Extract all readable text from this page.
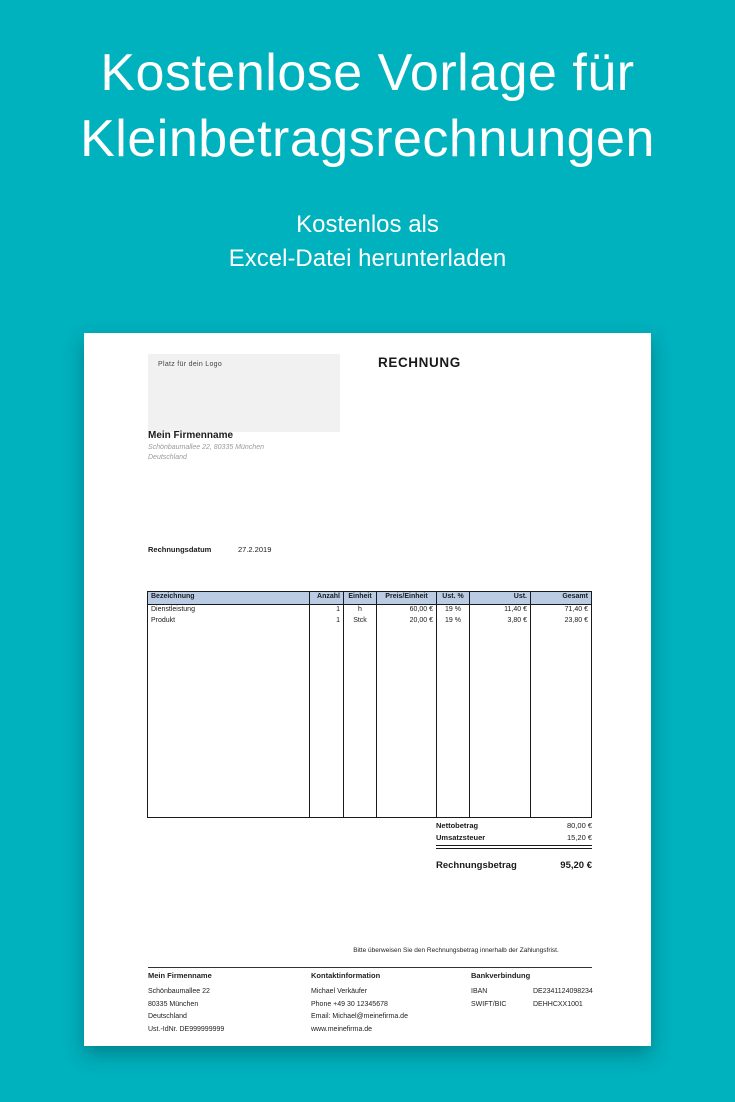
Kostenlose Vorlage für
Kleinbetragsrechnungen
Kostenlos als
Excel-Datei herunterladen
Platz für dein Logo	RECHNUNG
Mein Firmenname
Schönbaumallee 22, 80335 München
Deutschland
Rechnungsdatum	27.2.2019
Bezeichnung	Anzahl	Einheit	Preis/Einheit	Ust. %	Ust.	Gesamt
Dienstleistung	1	h	60,00 €	19 %	11,40 €	71,40 €
Produkt	1	Stck	20,00 €	19 %	3,80 €	23,80 €
Nettobetrag	80,00 €
Umsatzsteuer	15,20 €
Rechnungsbetrag	95,20 €
Bitte überweisen Sie den Rechnungsbetrag innerhalb der Zahlungsfrist.
Mein Firmenname
Schönbaumallee 22
80335 München
Deutschland
Ust.-IdNr. DE999999999
Kontaktinformation
Michael Verkäufer
Phone +49 30 12345678
Email: Michael@meinefirma.de
www.meinefirma.de
Bankverbindung
IBAN	DE2341124098234
SWIFT/BIC	DEHHCXX1001
